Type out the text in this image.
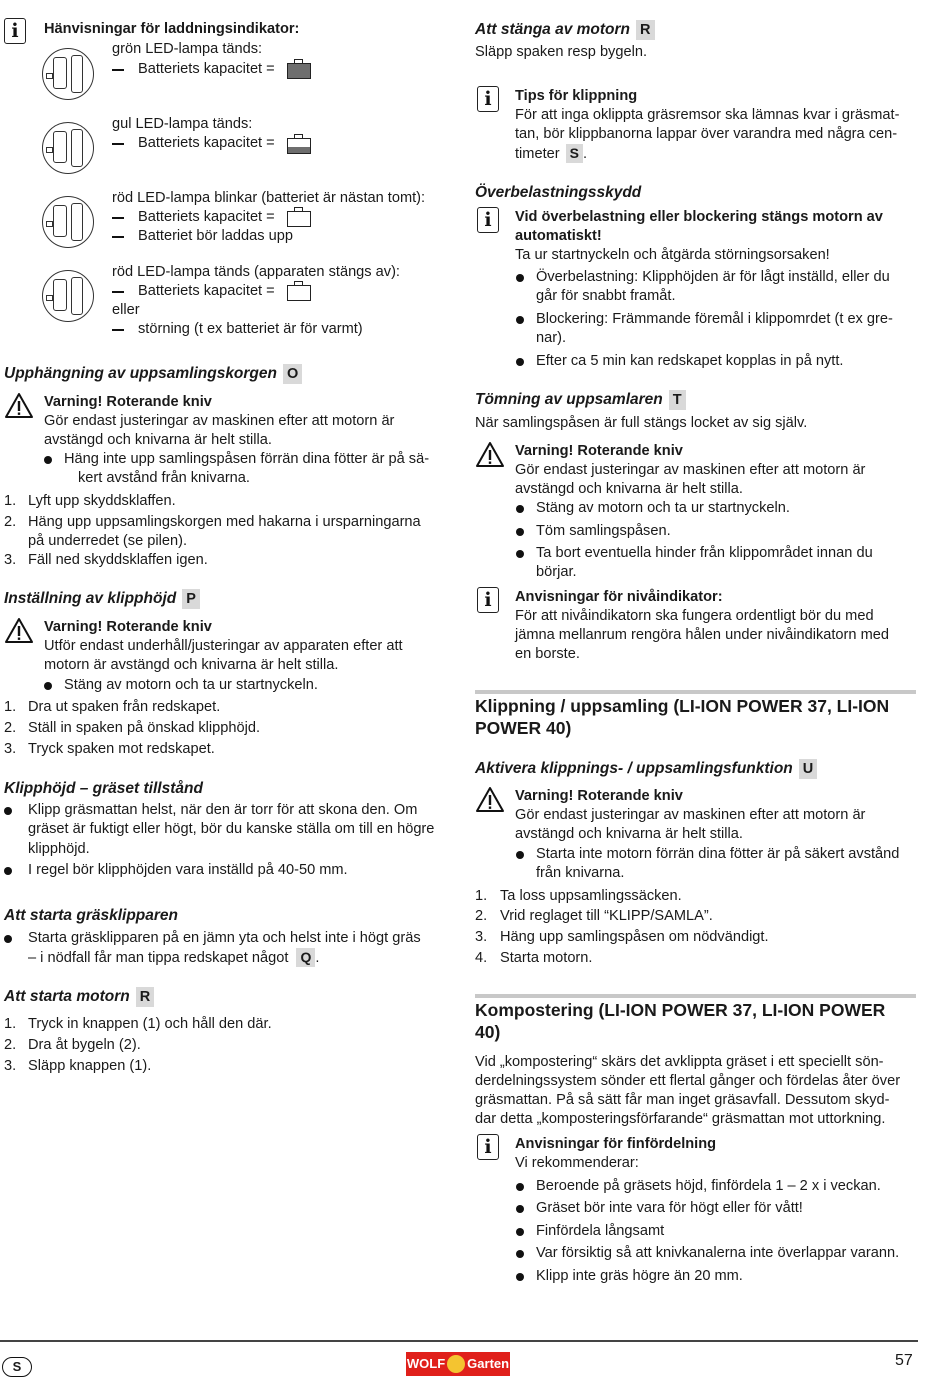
i	Hänvisningar för laddningsindikator:
grön LED-lampa tänds:
Batteriets kapacitet =
gul LED-lampa tänds:
Batteriets kapacitet =
röd LED-lampa blinkar (batteriet är nästan tomt):
Batteriets kapacitet =
Batteriet bör laddas upp
röd LED-lampa tänds (apparaten stängs av):
Batteriets kapacitet =
eller
störning (t ex batteriet är för varmt)
Upphängning av uppsamlingskorgen O
Varning! Roterande kniv
Gör endast justeringar av maskinen efter att motorn är
avstängd och knivarna är helt stilla.
Häng inte upp samlingspåsen förrän dina fötter är på sä-
kert avstånd från knivarna.
1. Lyft upp skyddsklaffen.
2. Häng upp uppsamlingskorgen med hakarna i ursparningarna
på underredet (se pilen).
3. Fäll ned skyddsklaffen igen.
Inställning av klipphöjd P
Varning! Roterande kniv
Utför endast underhåll/justeringar av apparaten efter att
motorn är avstängd och knivarna är helt stilla.
Stäng av motorn och ta ur startnyckeln.
1. Dra ut spaken från redskapet.
2. Ställ in spaken på önskad klipphöjd.
3. Tryck spaken mot redskapet.
Klipphöjd – gräset tillstånd
Klipp gräsmattan helst, när den är torr för att skona den. Om
gräset är fuktigt eller högt, bör du kanske ställa om till en högre
klipphöjd.
I regel bör klipphöjden vara inställd på 40-50 mm.
Att starta gräsklipparen
Starta gräsklipparen på en jämn yta och helst inte i högt gräs
– i nödfall får man tippa redskapet något Q .
Att starta motorn R
1. Tryck in knappen (1) och håll den där.
2. Dra åt bygeln (2).
3. Släpp knappen (1).
Att stänga av motorn R
Släpp spaken resp bygeln.
i	Tips för klippning
För att inga oklippta gräsremsor ska lämnas kvar i gräsmat-
tan, bör klippbanorna lappar över varandra med några cen-
timeter S .
Överbelastningsskydd
i	Vid överbelastning eller blockering stängs motorn av
automatiskt!
Ta ur startnyckeln och åtgärda störningsorsaken!
Överbelastning: Klipphöjden är för lågt inställd, eller du
går för snabbt framåt.
Blockering: Främmande föremål i klippomrdet (t ex gre-
nar).
Efter ca 5 min kan redskapet kopplas in på nytt.
Tömning av uppsamlaren T
När samlingspåsen är full stängs locket av sig själv.
Varning! Roterande kniv
Gör endast justeringar av maskinen efter att motorn är
avstängd och knivarna är helt stilla.
Stäng av motorn och ta ur startnyckeln.
Töm samlingspåsen.
Ta bort eventuella hinder från klippområdet innan du
börjar.
i	Anvisningar för nivåindikator:
För att nivåindikatorn ska fungera ordentligt bör du med
jämna mellanrum rengöra hålen under nivåindikatorn med
en borste.
Klippning / uppsamling (LI-ION POWER 37, LI-ION
POWER 40)
Aktivera klippnings- / uppsamlingsfunktion U
Varning! Roterande kniv
Gör endast justeringar av maskinen efter att motorn är
avstängd och knivarna är helt stilla.
Starta inte motorn förrän dina fötter är på säkert avstånd
från knivarna.
1. Ta loss uppsamlingssäcken.
2. Vrid reglaget till “KLIPP/SAMLA”.
3. Häng upp samlingspåsen om nödvändigt.
4. Starta motorn.
Kompostering (LI-ION POWER 37, LI-ION POWER
40)
Vid „kompostering“ skärs det avklippta gräset i ett speciellt sön-
derdelningssystem sönder ett flertal gånger och fördelas åter över
gräsmattan. På så sätt får man inget gräsavfall. Dessutom skyd-
dar detta „komposteringsförfarande“ gräsmattan mot uttorkning.
i	Anvisningar för finfördelning
Vi rekommenderar:
Beroende på gräsets höjd, finfördela 1 – 2 x i veckan.
Gräset bör inte vara för högt eller för vått!
Finfördela långsamt
Var försiktig så att knivkanalerna inte överlappar varann.
Klipp inte gräs högre än 20 mm.
S	WOLF Garten	57
